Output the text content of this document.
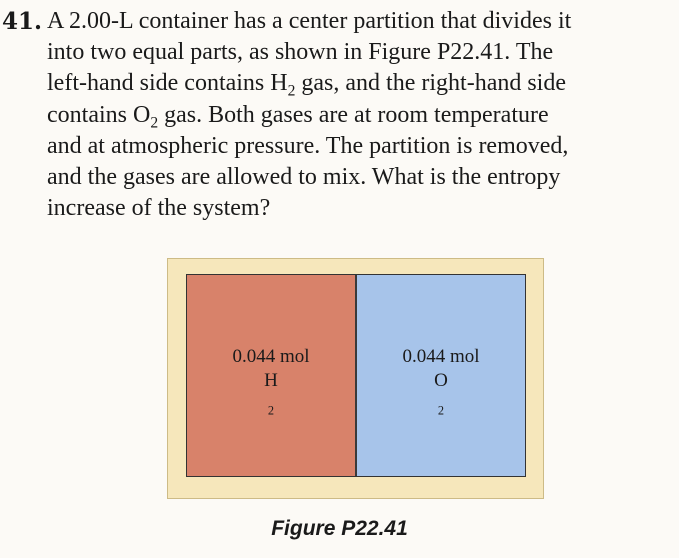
41. A 2.00-L container has a center partition that divides it
into two equal parts, as shown in Figure P22.41. The
left-hand side contains $H_2$ gas, and the right-hand side
contains $O_2$ gas. Both gases are at room temperature
and at atmospheric pressure. The partition is removed,
and the gases are allowed to mix. What is the entropy
increase of the system?
0.044 mol
H
$_2$
0.044 mol
O
$_2$
Figure P22.41
